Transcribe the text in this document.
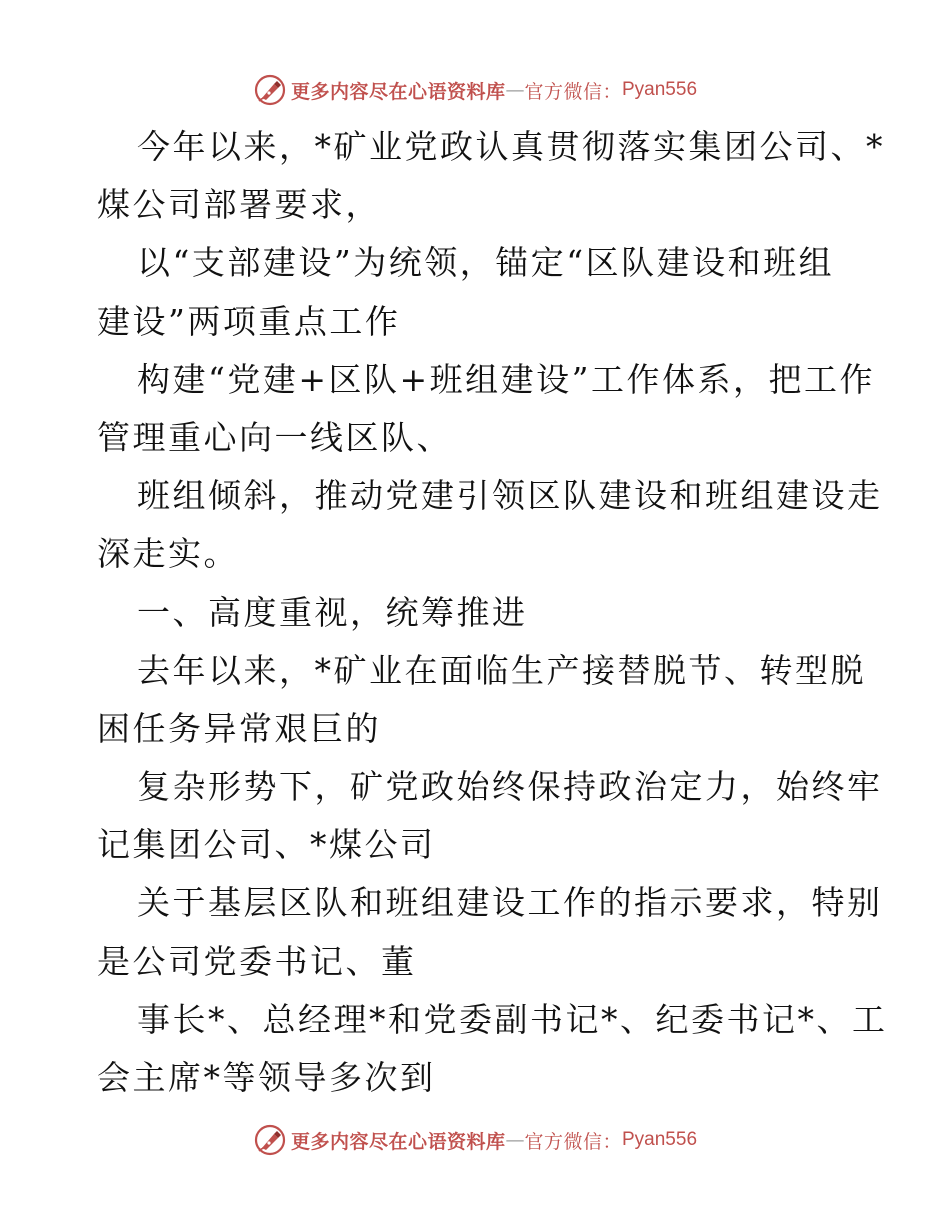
更多内容尽在心语资料库 — 官方微信： Pyan556
今年以来，*矿业党政认真贯彻落实集团公司、*
煤公司部署要求，
以“支部建设”为统领，锚定“区队建设和班组
建设”两项重点工作
构建“党建+区队+班组建设”工作体系，把工作
管理重心向一线区队、
班组倾斜，推动党建引领区队建设和班组建设走
深走实。
一、高度重视，统筹推进
去年以来，*矿业在面临生产接替脱节、转型脱
困任务异常艰巨的
复杂形势下，矿党政始终保持政治定力，始终牢
记集团公司、*煤公司
关于基层区队和班组建设工作的指示要求，特别
是公司党委书记、董
事长*、总经理*和党委副书记*、纪委书记*、工
会主席*等领导多次到
更多内容尽在心语资料库 — 官方微信： Pyan556
